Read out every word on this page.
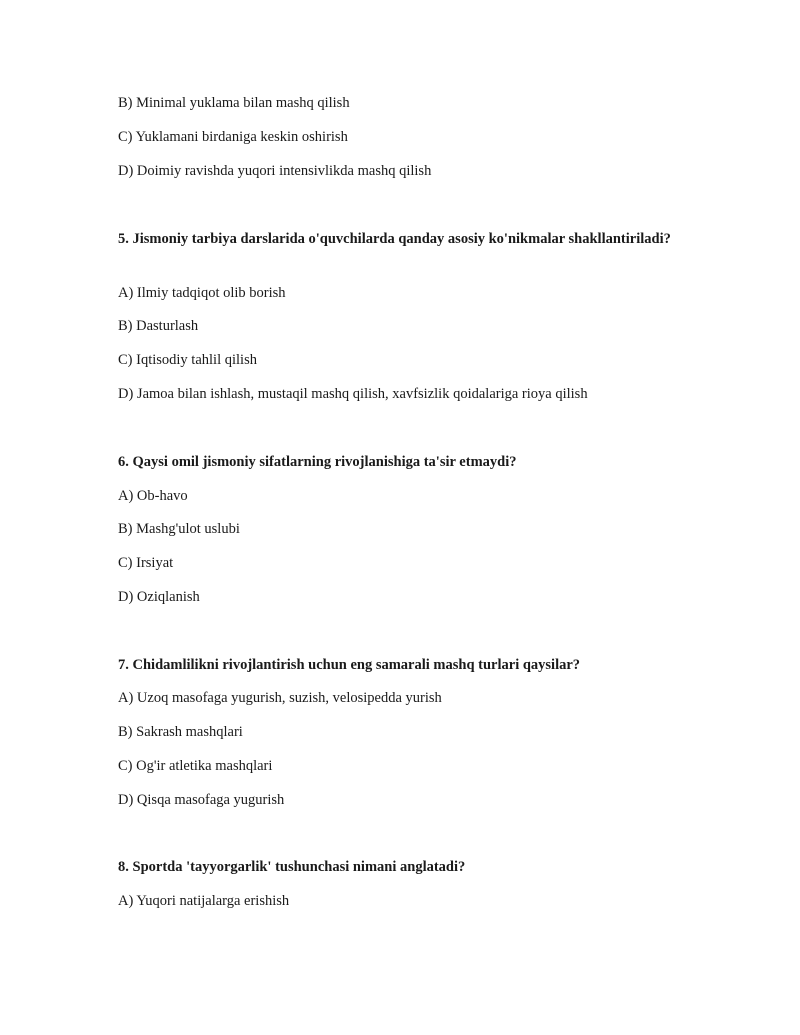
B) Minimal yuklama bilan mashq qilish
C) Yuklamani birdaniga keskin oshirish
D) Doimiy ravishda yuqori intensivlikda mashq qilish
5. Jismoniy tarbiya darslarida o'quvchilarda qanday asosiy ko'nikmalar shakllantiriladi?
A) Ilmiy tadqiqot olib borish
B) Dasturlash
C) Iqtisodiy tahlil qilish
D) Jamoa bilan ishlash, mustaqil mashq qilish, xavfsizlik qoidalariga rioya qilish
6. Qaysi omil jismoniy sifatlarning rivojlanishiga ta'sir etmaydi?
A) Ob-havo
B) Mashg'ulot uslubi
C) Irsiyat
D) Oziqlanish
7. Chidamlilikni rivojlantirish uchun eng samarali mashq turlari qaysilar?
A) Uzoq masofaga yugurish, suzish, velosipedda yurish
B) Sakrash mashqlari
C) Og'ir atletika mashqlari
D) Qisqa masofaga yugurish
8. Sportda 'tayyorgarlik' tushunchasi nimani anglatadi?
A) Yuqori natijalarga erishish
